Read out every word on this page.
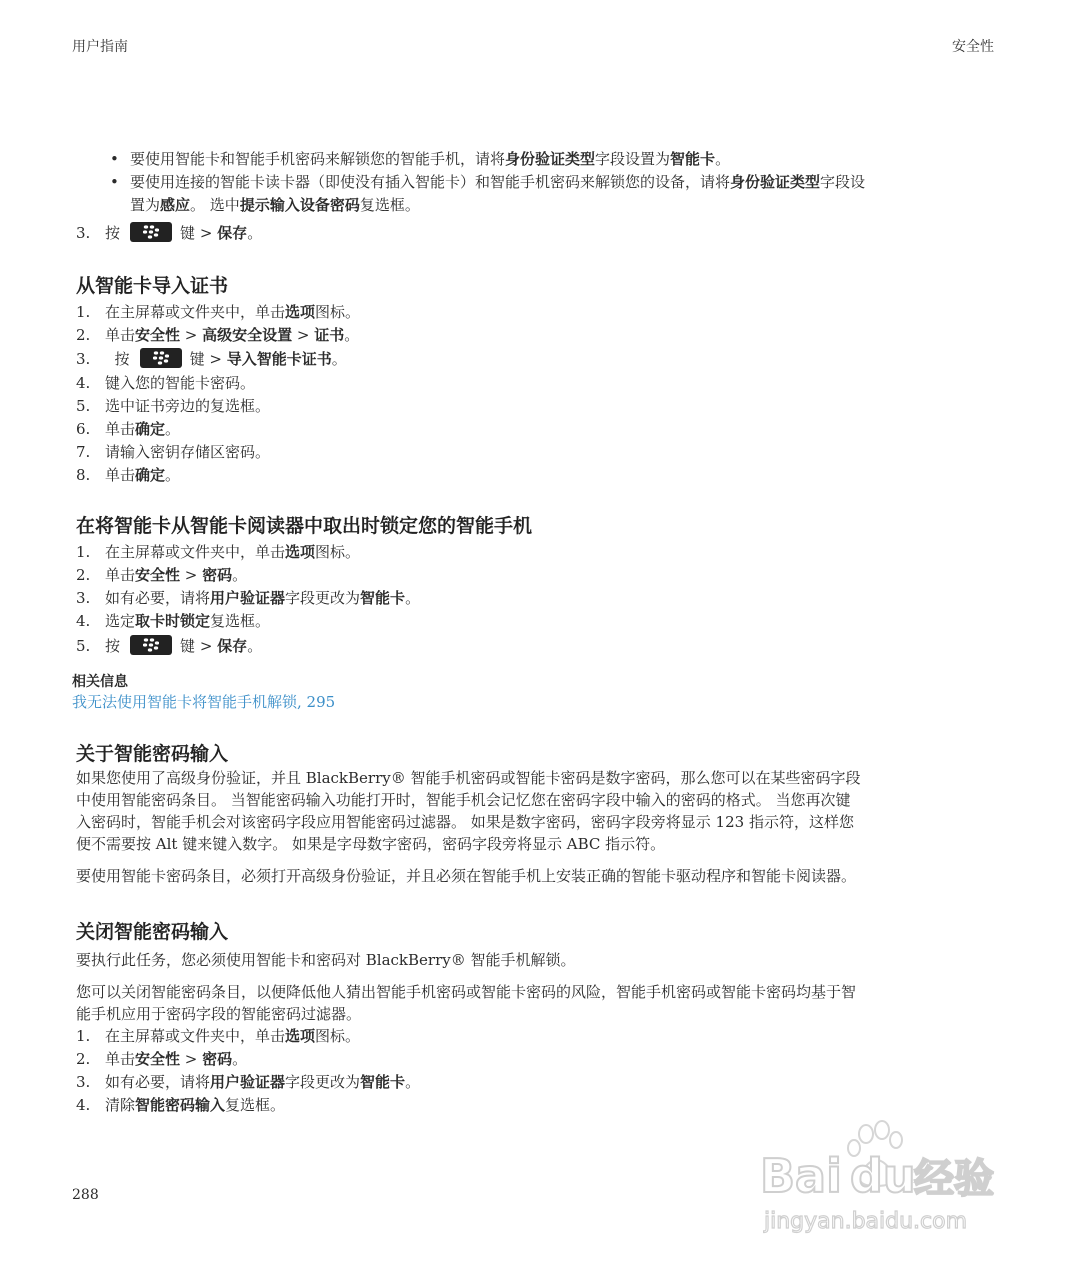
用户指南	安全性
• 要使用智能卡和智能手机密码来解锁您的智能手机，请将身份验证类型字段设置为智能卡。
• 要使用连接的智能卡读卡器（即使没有插入智能卡）和智能手机密码来解锁您的设备，请将身份验证类型字段设
置为感应。 选中提示输入设备密码复选框。
3. 按	键 > 保存。
从智能卡导入证书
1. 在主屏幕或文件夹中，单击选项图标。
2. 单击安全性 > 高级安全设置 > 证书。
3. 按	键 > 导入智能卡证书。
4. 键入您的智能卡密码。
5. 选中证书旁边的复选框。
6. 单击确定。
7. 请输入密钥存储区密码。
8. 单击确定。
在将智能卡从智能卡阅读器中取出时锁定您的智能手机
1. 在主屏幕或文件夹中，单击选项图标。
2. 单击安全性 > 密码。
3. 如有必要，请将用户验证器字段更改为智能卡。
4. 选定取卡时锁定复选框。
5. 按	键 > 保存。
相关信息
我无法使用智能卡将智能手机解锁, 295
关于智能密码输入

如果您使用了高级身份验证，并且 BlackBerry® 智能手机密码或智能卡密码是数字密码，那么您可以在某些密码字段
中使用智能密码条目。 当智能密码输入功能打开时，智能手机会记忆您在密码字段中输入的密码的格式。 当您再次键
入密码时，智能手机会对该密码字段应用智能密码过滤器。 如果是数字密码，密码字段旁将显示 123 指示符，这样您
便不需要按 Alt 键来键入数字。 如果是字母数字密码，密码字段旁将显示 ABC 指示符。

要使用智能卡密码条目，必须打开高级身份验证，并且必须在智能手机上安装正确的智能卡驱动程序和智能卡阅读器。

关闭智能密码输入

要执行此任务，您必须使用智能卡和密码对 BlackBerry® 智能手机解锁。

您可以关闭智能密码条目，以便降低他人猜出智能手机密码或智能卡密码的风险，智能手机密码或智能卡密码均基于智
能手机应用于密码字段的智能密码过滤器。

1. 在主屏幕或文件夹中，单击选项图标。
2. 单击安全性 > 密码。
3. 如有必要，请将用户验证器字段更改为智能卡。
4. 清除智能密码输入复选框。
288	Bai du
经验
jingyan.baidu.com
